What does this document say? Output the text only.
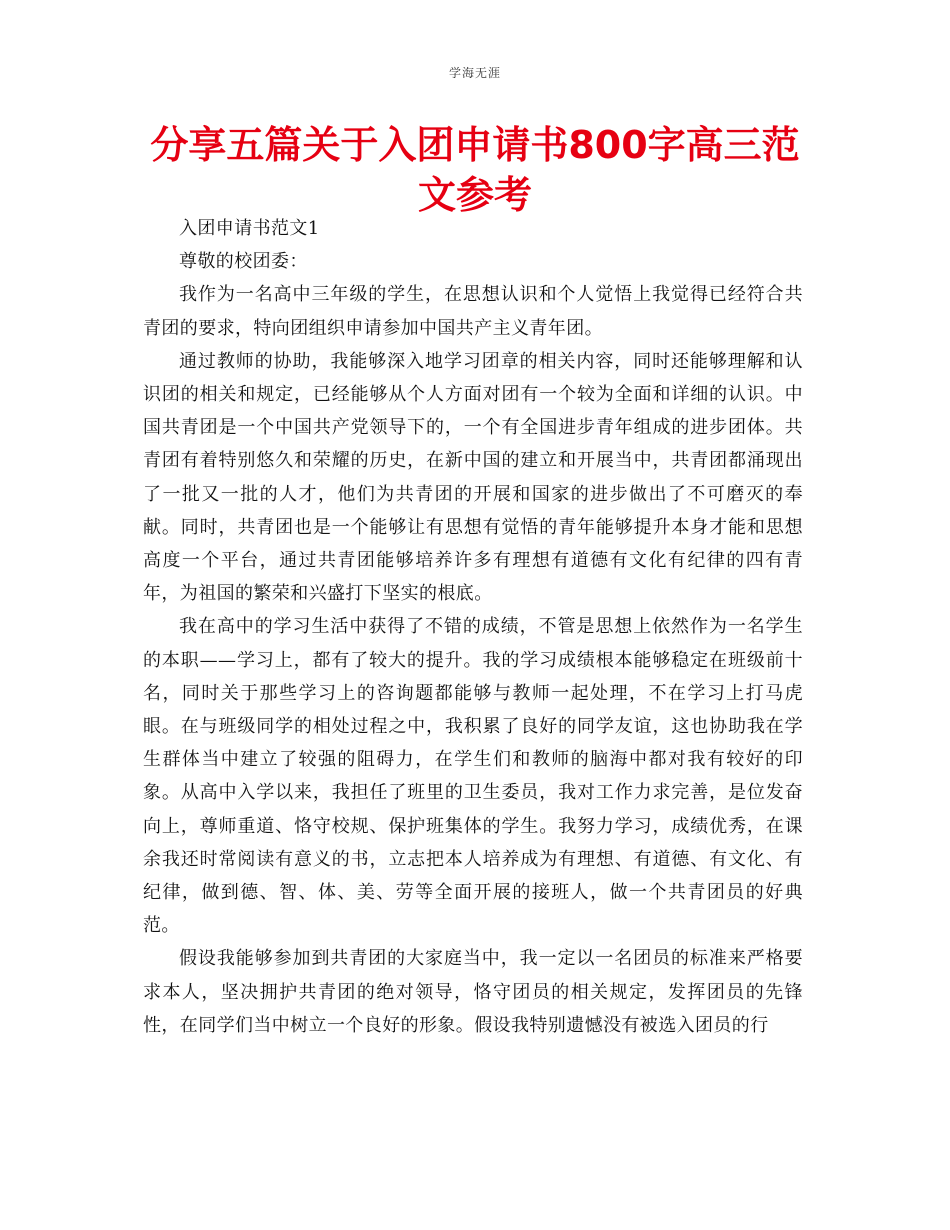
学海无涯
分享五篇关于入团申请书800字高三范文参考

入团申请书范文1

尊敬的校团委：

我作为一名高中三年级的学生，在思想认识和个人觉悟上我觉得已经符合共青团的要求，特向团组织申请参加中国共产主义青年团。

通过教师的协助，我能够深入地学习团章的相关内容，同时还能够理解和认识团的相关和规定，已经能够从个人方面对团有一个较为全面和详细的认识。中国共青团是一个中国共产党领导下的，一个有全国进步青年组成的进步团体。共青团有着特别悠久和荣耀的历史，在新中国的建立和开展当中，共青团都涌现出了一批又一批的人才，他们为共青团的开展和国家的进步做出了不可磨灭的奉献。同时，共青团也是一个能够让有思想有觉悟的青年能够提升本身才能和思想高度一个平台，通过共青团能够培养许多有理想有道德有文化有纪律的四有青年，为祖国的繁荣和兴盛打下坚实的根底。

我在高中的学习生活中获得了不错的成绩，不管是思想上依然作为一名学生的本职——学习上，都有了较大的提升。我的学习成绩根本能够稳定在班级前十名，同时关于那些学习上的咨询题都能够与教师一起处理，不在学习上打马虎眼。在与班级同学的相处过程之中，我积累了良好的同学友谊，这也协助我在学生群体当中建立了较强的阻碍力，在学生们和教师的脑海中都对我有较好的印象。从高中入学以来，我担任了班里的卫生委员，我对工作力求完善，是位发奋向上，尊师重道、恪守校规、保护班集体的学生。我努力学习，成绩优秀，在课余我还时常阅读有意义的书，立志把本人培养成为有理想、有道德、有文化、有纪律，做到德、智、体、美、劳等全面开展的接班人，做一个共青团员的好典范。

假设我能够参加到共青团的大家庭当中，我一定以一名团员的标准来严格要求本人，坚决拥护共青团的绝对领导，恪守团员的相关规定，发挥团员的先锋性，在同学们当中树立一个良好的形象。假设我特别遗憾没有被选入团员的行
